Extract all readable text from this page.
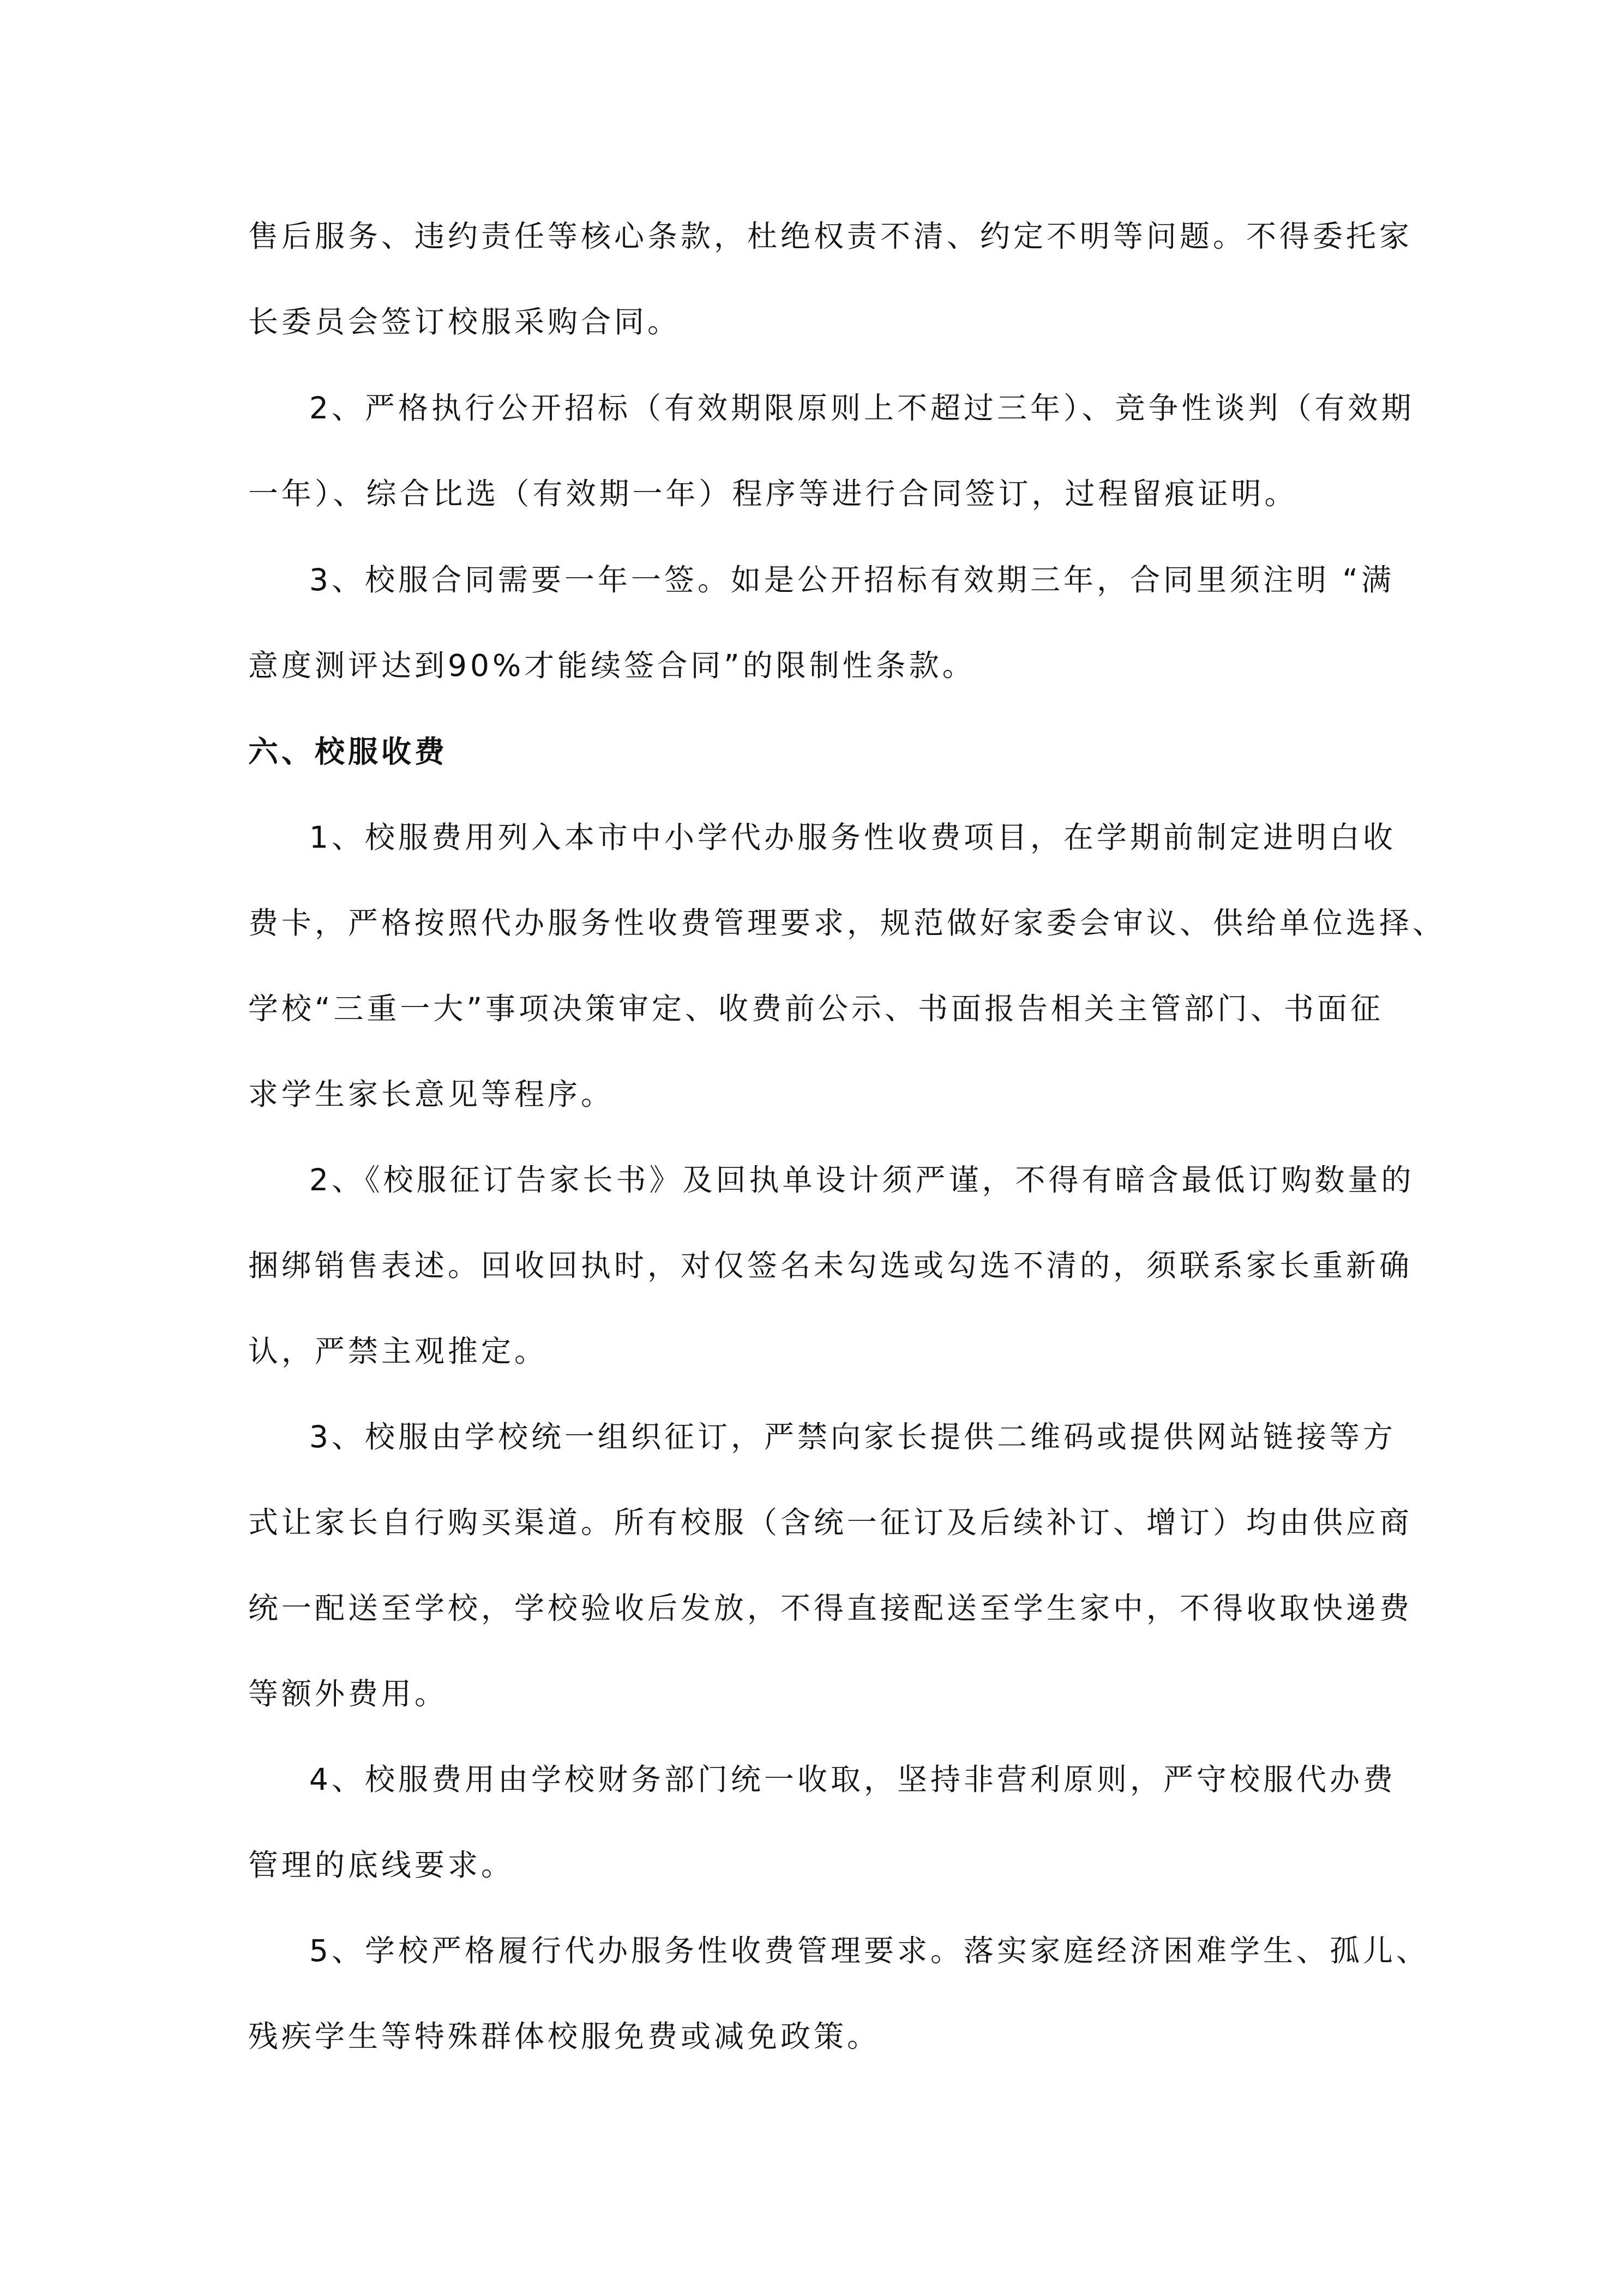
售后服务、违约责任等核心条款，杜绝权责不清、约定不明等问题。不得委托家
长委员会签订校服采购合同。
2、严格执行公开招标（有效期限原则上不超过三年）、竞争性谈判（有效期
一年）、综合比选（有效期一年）程序等进行合同签订，过程留痕证明。
3、校服合同需要一年一签。如是公开招标有效期三年，合同里须注明 “满
意度测评达到90%才能续签合同”的限制性条款。
六、校服收费
1、校服费用列入本市中小学代办服务性收费项目，在学期前制定进明白收
费卡，严格按照代办服务性收费管理要求，规范做好家委会审议、供给单位选择、
学校“三重一大”事项决策审定、收费前公示、书面报告相关主管部门、书面征
求学生家长意见等程序。
2、《校服征订告家长书》及回执单设计须严谨，不得有暗含最低订购数量的
捆绑销售表述。回收回执时，对仅签名未勾选或勾选不清的，须联系家长重新确
认，严禁主观推定。
3、校服由学校统一组织征订，严禁向家长提供二维码或提供网站链接等方
式让家长自行购买渠道。所有校服（含统一征订及后续补订、增订）均由供应商
统一配送至学校，学校验收后发放，不得直接配送至学生家中，不得收取快递费
等额外费用。
4、校服费用由学校财务部门统一收取，坚持非营利原则，严守校服代办费
管理的底线要求。
5、学校严格履行代办服务性收费管理要求。落实家庭经济困难学生、孤儿、
残疾学生等特殊群体校服免费或减免政策。
